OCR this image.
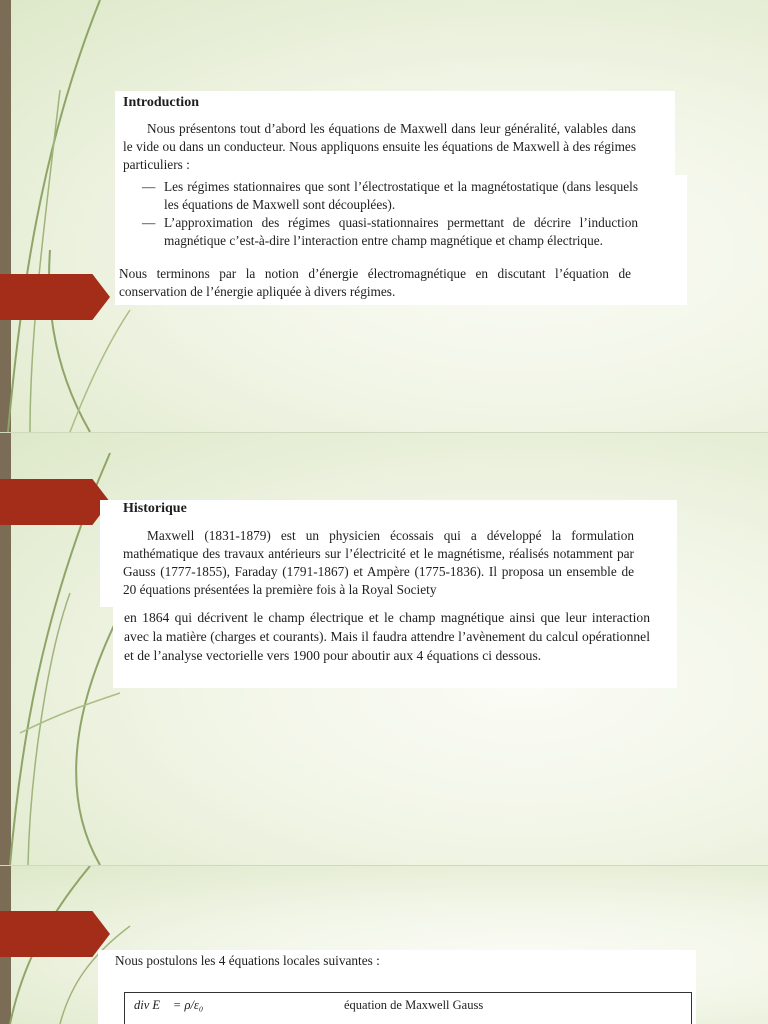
Introduction

Nous présentons tout d’abord les équations de Maxwell dans leur généralité, valables dans le vide ou dans un conducteur. Nous appliquons ensuite les équations de Maxwell à des régimes particuliers :

— Les régimes stationnaires que sont l’électrostatique et la magnétostatique (dans lesquels les équations de Maxwell sont découplées).
— L’approximation des régimes quasi-stationnaires permettant de décrire l’induction magnétique c’est-à-dire l’interaction entre champ magnétique et champ électrique.

Nous terminons par la notion d’énergie électromagnétique en discutant l’équation de conservation de l’énergie apliquée à divers régimes.

Historique

Maxwell (1831-1879) est un physicien écossais qui a développé la formulation mathématique des travaux antérieurs sur l’électricité et le magnétisme, réalisés notamment par Gauss (1777-1855), Faraday (1791-1867) et Ampère (1775-1836). Il proposa un ensemble de 20 équations présentées la première fois à la Royal Society

en 1864 qui décrivent le champ électrique et le champ magnétique ainsi que leur interaction avec la matière (charges et courants). Mais il faudra attendre l’avènement du calcul opérationnel et de l’analyse vectorielle vers 1900 pour aboutir aux 4 équations ci dessous.

Nous postulons les 4 équations locales suivantes :

div E⃗ = ρ/ε₀	équation de Maxwell Gauss
